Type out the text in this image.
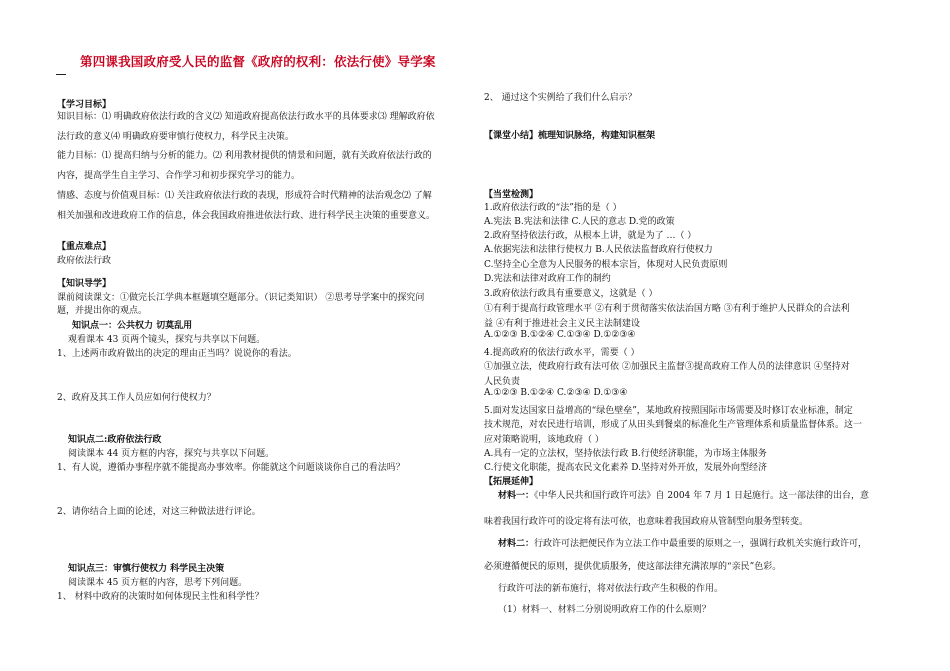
第四课我国政府受人民的监督《政府的权利：依法行使》导学案

【学习目标】

知识目标：⑴ 明确政府依法行政的含义⑵ 知道政府提高依法行政水平的具体要求⑶ 理解政府依

法行政的意义⑷ 明确政府要审慎行使权力，科学民主决策。

能力目标：⑴ 提高归纳与分析的能力。⑵ 利用教材提供的情景和问题，就有关政府依法行政的

内容，提高学生自主学习、合作学习和初步探究学习的能力。

情感、态度与价值观目标：⑴ 关注政府依法行政的表现，形成符合时代精神的法治观念⑵ 了解

相关加强和改进政府工作的信息，体会我国政府推进依法行政、进行科学民主决策的重要意义。

【重点难点】

政府依法行政

【知识导学】

课前阅读课文：①做完长江学典本框题填空题部分。（识记类知识） ②思考导学案中的探究问

题，并提出你的观点。

知识点一：公共权力 切莫乱用

观看课本 43 页两个镜头，探究与共享以下问题。

1、上述两市政府做出的决定的理由正当吗？说说你的看法。

2、政府及其工作人员应如何行使权力？

知识点二:政府依法行政

阅读课本 44 页方框的内容，探究与共享以下问题。

1、有人说，遵循办事程序就不能提高办事效率。你能就这个问题谈谈你自己的看法吗？

2、请你结合上面的论述，对这三种做法进行评论。

知识点三：审慎行使权力 科学民主决策

阅读课本 45 页方框的内容，思考下列问题。

1、 材料中政府的决策时如何体现民主性和科学性？

2、 通过这个实例给了我们什么启示？

【课堂小结】梳理知识脉络，构建知识框架

【当堂检测】

1.政府依法行政的“法”指的是（ ）

A.宪法 B.宪法和法律 C.人民的意志 D.党的政策

2.政府坚持依法行政，从根本上讲，就是为了 …（ ）

A.依据宪法和法律行使权力 B.人民依法监督政府行使权力

C.坚持全心全意为人民服务的根本宗旨，体现对人民负责原则

D.宪法和法律对政府工作的制约

3.政府依法行政具有重要意义，这就是（ ）

①有利于提高行政管理水平 ②有利于贯彻落实依法治国方略 ③有利于维护人民群众的合法利

益 ④有利于推进社会主义民主法制建设

A.①②③ B.①②④ C.①③④ D.①②③④

4.提高政府的依法行政水平，需要（ ）

①加强立法，使政府行政有法可依 ②加强民主监督③提高政府工作人员的法律意识 ④坚持对

人民负责

A.①②③ B.①②④ C.②③④ D.①③④

5.面对发达国家日益增高的“绿色壁垒”，某地政府按照国际市场需要及时修订农业标准，制定

技术规范，对农民进行培训，形成了从田头到餐桌的标准化生产管理体系和质量监督体系。这一

应对策略说明，该地政府（ ）

A.具有一定的立法权，坚持依法行政 B.行使经济职能，为市场主体服务

C.行使文化职能，提高农民文化素养 D.坚持对外开放，发展外向型经济

【拓展延伸】

材料一：《中华人民共和国行政许可法》自 2004 年 7 月 1 日起施行。这一部法律的出台，意

味着我国行政许可的设定将有法可依，也意味着我国政府从管制型向服务型转变。

材料二：行政许可法把便民作为立法工作中最重要的原则之一，强调行政机关实施行政许可，

必须遵循便民的原则，提供优质服务，使这部法律充满浓厚的“亲民”色彩。

行政许可法的新布施行，将对依法行政产生积极的作用。

（1）材料一、材料二分别说明政府工作的什么原则？
